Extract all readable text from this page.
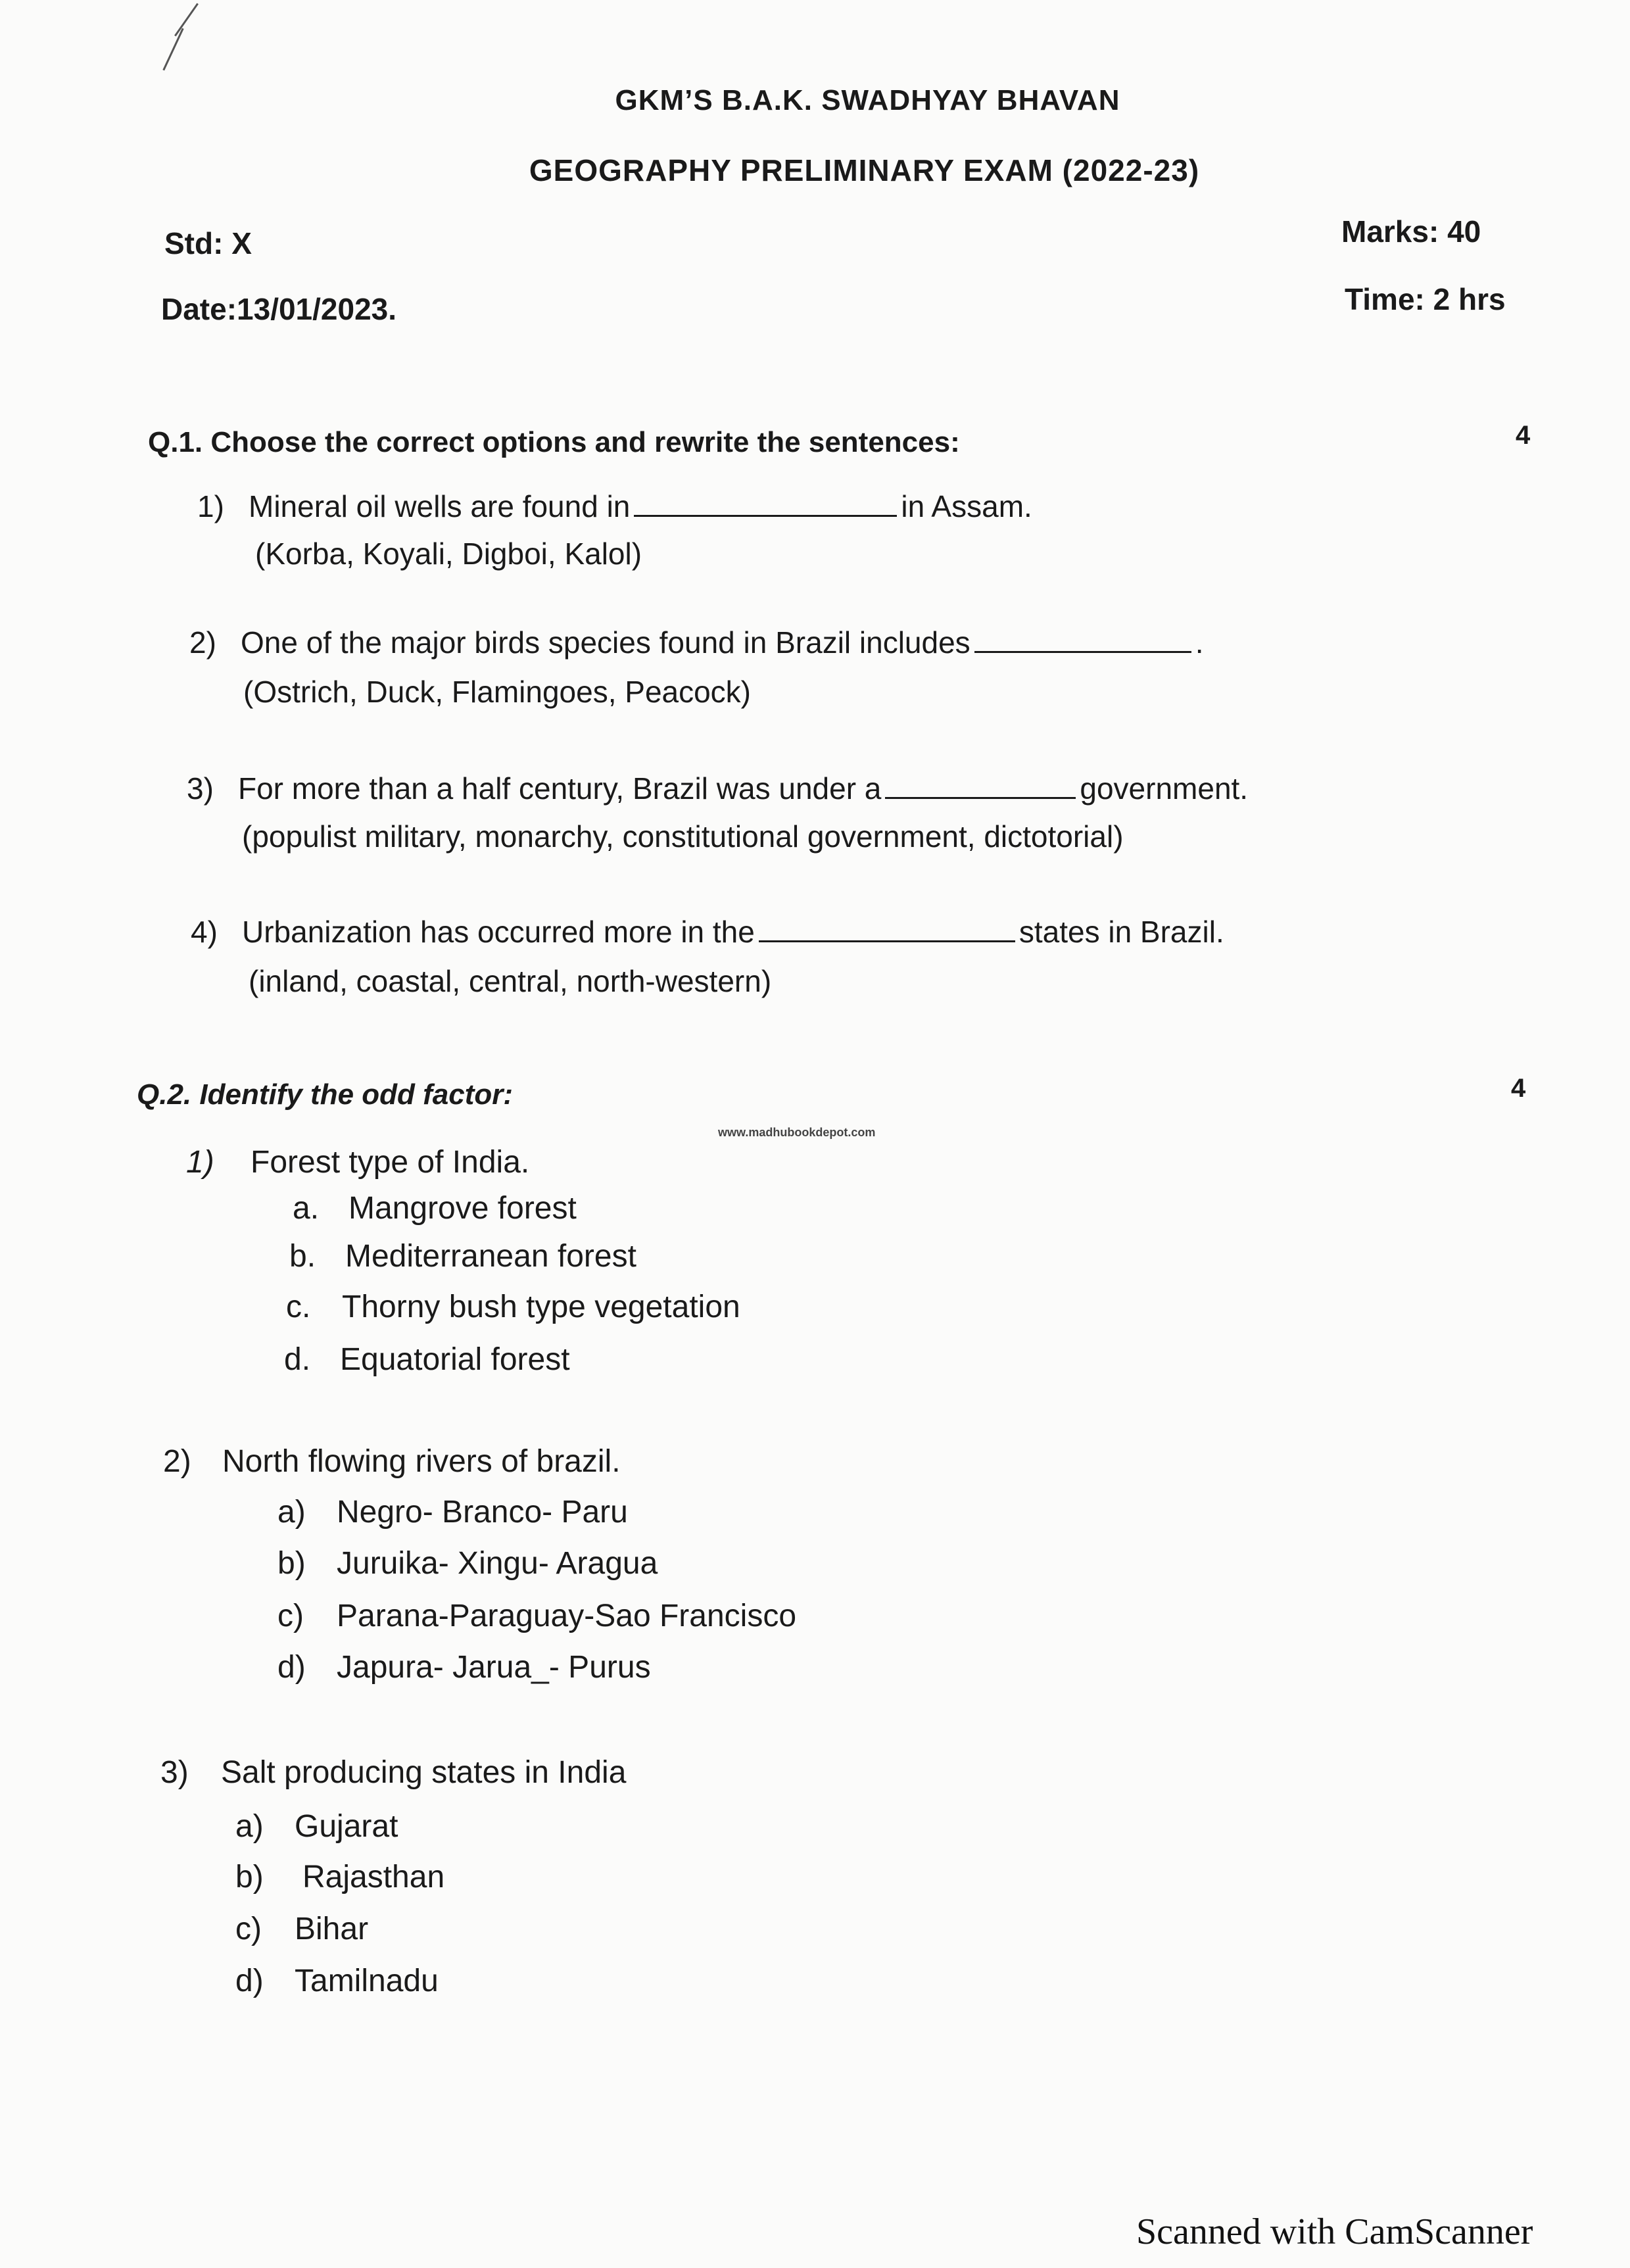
GKM’S B.A.K. SWADHYAY BHAVAN
GEOGRAPHY PRELIMINARY EXAM (2022-23)
Std: X
Date:13/01/2023.
Marks: 40
Time: 2 hrs
Q.1. Choose the correct options and rewrite the sentences:	4
1) Mineral oil wells are found in	in Assam.
(Korba, Koyali, Digboi, Kalol)
2) One of the major birds species found in Brazil includes	.
(Ostrich, Duck, Flamingoes, Peacock)
3) For more than a half century, Brazil was under a	government.
(populist military, monarchy, constitutional government, dictotorial)
4) Urbanization has occurred more in the	states in Brazil.
(inland, coastal, central, north-western)
Q.2. Identify the odd factor:	4
www.madhubookdepot.com
1) Forest type of India.
a. Mangrove forest
b. Mediterranean forest
c. Thorny bush type vegetation
d. Equatorial forest
2) North flowing rivers of brazil.
a) Negro- Branco- Paru
b) Juruika- Xingu- Aragua
c) Parana-Paraguay-Sao Francisco
d) Japura- Jarua_- Purus
3) Salt producing states in India
a) Gujarat
b) Rajasthan
c) Bihar
d) Tamilnadu
Scanned with CamScanner
